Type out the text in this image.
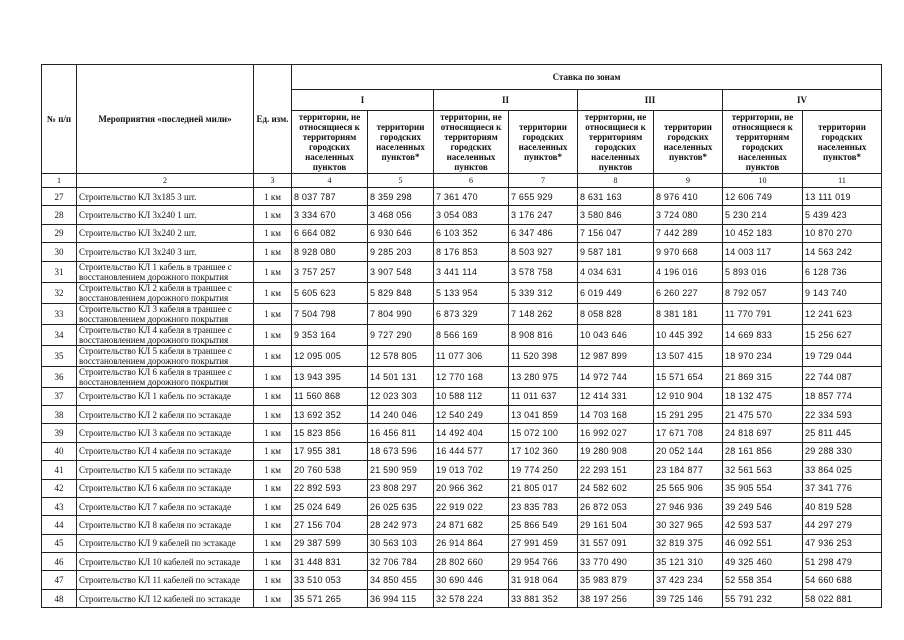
№ п/п	Мероприятия «последней мили»	Ед. изм.	Ставка по зонам							
			I		II		III		IV	
			территории, не относящиеся к территориям городских населенных пунктов	территории городских населенных пунктов*	территории, не относящиеся к территориям городских населенных пунктов	территории городских населенных пунктов*	территории, не относящиеся к территориям городских населенных пунктов	территории городских населенных пунктов*	территории, не относящиеся к территориям городских населенных пунктов	территории городских населенных пунктов*
1	2	3	4	5	6	7	8	9	10	11
27	Строительство КЛ 3х185 3 шт.	1 км	8 037 787	8 359 298	7 361 470	7 655 929	8 631 163	8 976 410	12 606 749	13 111 019
28	Строительство КЛ 3х240 1 шт.	1 км	3 334 670	3 468 056	3 054 083	3 176 247	3 580 846	3 724 080	5 230 214	5 439 423
29	Строительство КЛ 3х240 2 шт.	1 км	6 664 082	6 930 646	6 103 352	6 347 486	7 156 047	7 442 289	10 452 183	10 870 270
30	Строительство КЛ 3х240 3 шт.	1 км	8 928 080	9 285 203	8 176 853	8 503 927	9 587 181	9 970 668	14 003 117	14 563 242
31	Строительство КЛ 1 кабель в траншее с восстановлением дорожного покрытия	1 км	3 757 257	3 907 548	3 441 114	3 578 758	4 034 631	4 196 016	5 893 016	6 128 736
32	Строительство КЛ 2 кабеля в траншее с восстановлением дорожного покрытия	1 км	5 605 623	5 829 848	5 133 954	5 339 312	6 019 449	6 260 227	8 792 057	9 143 740
33	Строительство КЛ 3 кабеля в траншее с восстановлением дорожного покрытия	1 км	7 504 798	7 804 990	6 873 329	7 148 262	8 058 828	8 381 181	11 770 791	12 241 623
34	Строительство КЛ 4 кабеля в траншее с восстановлением дорожного покрытия	1 км	9 353 164	9 727 290	8 566 169	8 908 816	10 043 646	10 445 392	14 669 833	15 256 627
35	Строительство КЛ 5 кабеля в траншее с восстановлением дорожного покрытия	1 км	12 095 005	12 578 805	11 077 306	11 520 398	12 987 899	13 507 415	18 970 234	19 729 044
36	Строительство КЛ 6 кабеля в траншее с восстановлением дорожного покрытия	1 км	13 943 395	14 501 131	12 770 168	13 280 975	14 972 744	15 571 654	21 869 315	22 744 087
37	Строительство КЛ 1 кабель по эстакаде	1 км	11 560 868	12 023 303	10 588 112	11 011 637	12 414 331	12 910 904	18 132 475	18 857 774
38	Строительство КЛ 2 кабеля по эстакаде	1 км	13 692 352	14 240 046	12 540 249	13 041 859	14 703 168	15 291 295	21 475 570	22 334 593
39	Строительство КЛ 3 кабеля по эстакаде	1 км	15 823 856	16 456 811	14 492 404	15 072 100	16 992 027	17 671 708	24 818 697	25 811 445
40	Строительство КЛ 4 кабеля по эстакаде	1 км	17 955 381	18 673 596	16 444 577	17 102 360	19 280 908	20 052 144	28 161 856	29 288 330
41	Строительство КЛ 5 кабеля по эстакаде	1 км	20 760 538	21 590 959	19 013 702	19 774 250	22 293 151	23 184 877	32 561 563	33 864 025
42	Строительство КЛ 6 кабеля по эстакаде	1 км	22 892 593	23 808 297	20 966 362	21 805 017	24 582 602	25 565 906	35 905 554	37 341 776
43	Строительство КЛ 7 кабеля по эстакаде	1 км	25 024 649	26 025 635	22 919 022	23 835 783	26 872 053	27 946 936	39 249 546	40 819 528
44	Строительство КЛ 8 кабеля по эстакаде	1 км	27 156 704	28 242 973	24 871 682	25 866 549	29 161 504	30 327 965	42 593 537	44 297 279
45	Строительство КЛ 9 кабелей по эстакаде	1 км	29 387 599	30 563 103	26 914 864	27 991 459	31 557 091	32 819 375	46 092 551	47 936 253
46	Строительство КЛ 10 кабелей по эстакаде	1 км	31 448 831	32 706 784	28 802 660	29 954 766	33 770 490	35 121 310	49 325 460	51 298 479
47	Строительство КЛ 11 кабелей по эстакаде	1 км	33 510 053	34 850 455	30 690 446	31 918 064	35 983 879	37 423 234	52 558 354	54 660 688
48	Строительство КЛ 12 кабелей по эстакаде	1 км	35 571 265	36 994 115	32 578 224	33 881 352	38 197 256	39 725 146	55 791 232	58 022 881
